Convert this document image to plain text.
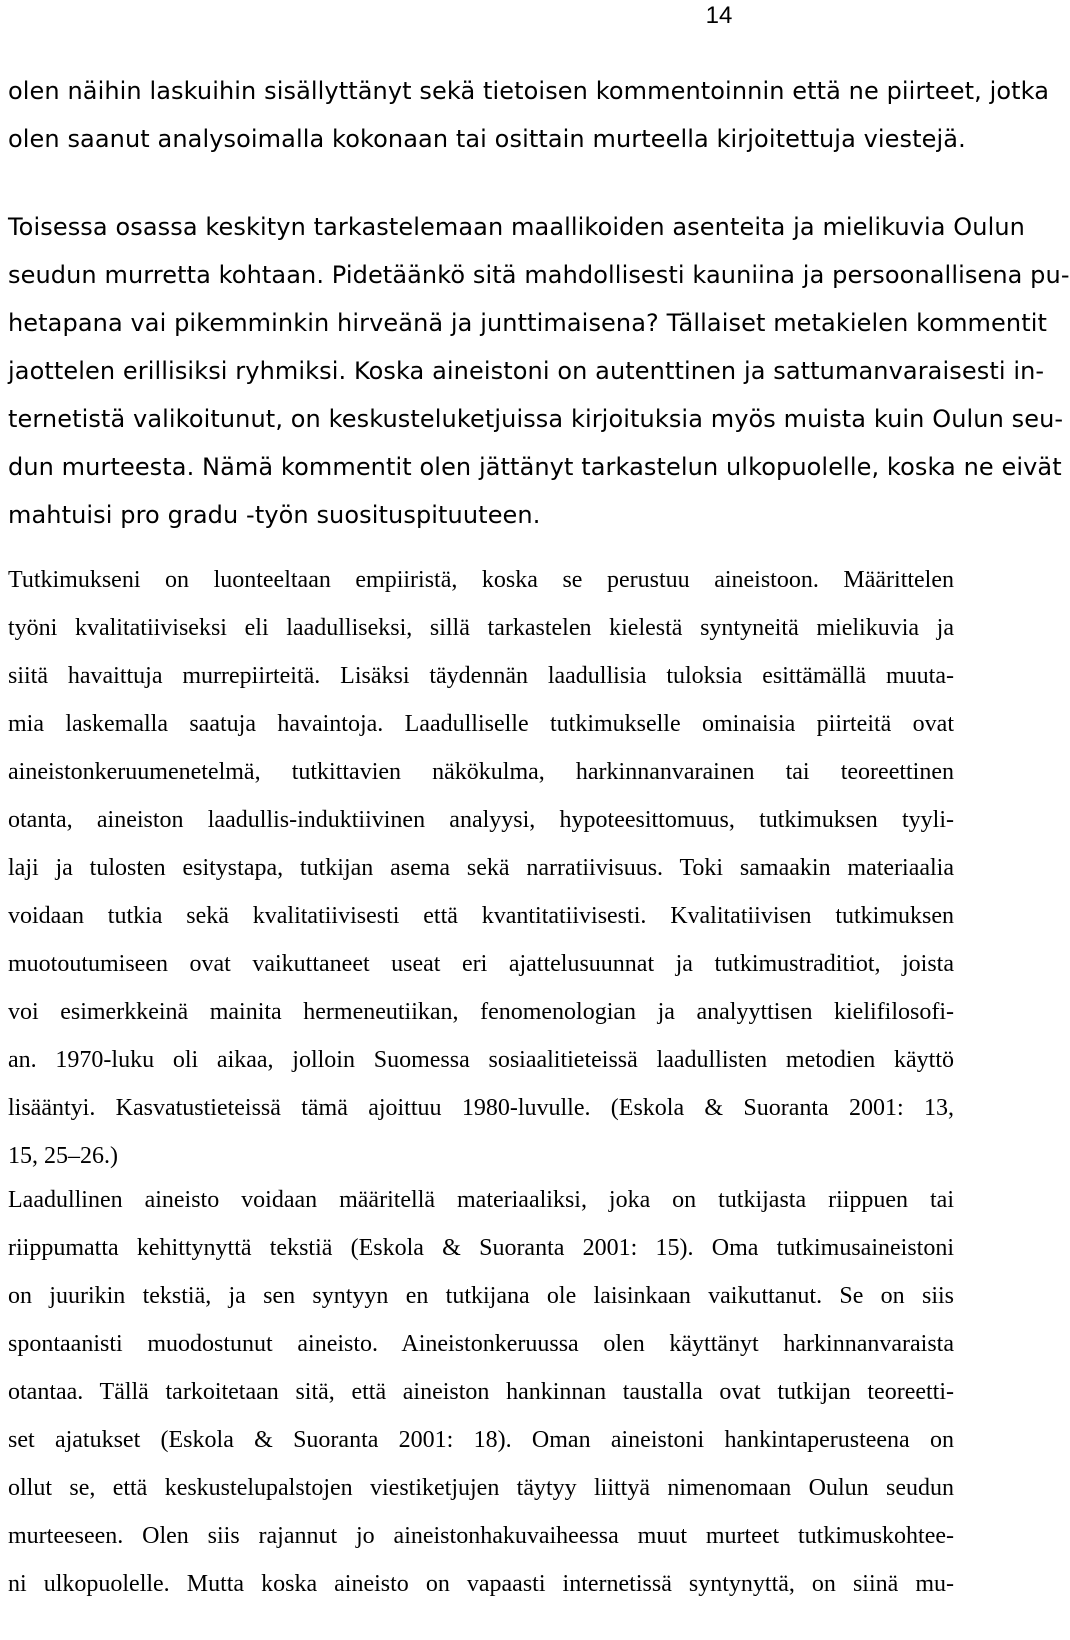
14
olen näihin laskuihin sisällyttänyt sekä tietoisen kommentoinnin että ne piirteet, jotka
olen saanut analysoimalla kokonaan tai osittain murteella kirjoitettuja viestejä.
Toisessa osassa keskityn tarkastelemaan maallikoiden asenteita ja mielikuvia Oulun
seudun murretta kohtaan. Pidetäänkö sitä mahdollisesti kauniina ja persoonallisena pu-
hetapana vai pikemminkin hirveänä ja junttimaisena? Tällaiset metakielen kommentit
jaottelen erillisiksi ryhmiksi. Koska aineistoni on autenttinen ja sattumanvaraisesti in-
ternetistä valikoitunut, on keskusteluketjuissa kirjoituksia myös muista kuin Oulun seu-
dun murteesta. Nämä kommentit olen jättänyt tarkastelun ulkopuolelle, koska ne eivät
mahtuisi pro gradu -työn suosituspituuteen.
Tutkimukseni on luonteeltaan empiiristä, koska se perustuu aineistoon. Määrittelen
työni kvalitatiiviseksi eli laadulliseksi, sillä tarkastelen kielestä syntyneitä mielikuvia ja
siitä havaittuja murrepiirteitä. Lisäksi täydennän laadullisia tuloksia esittämällä muuta-
mia laskemalla saatuja havaintoja. Laadulliselle tutkimukselle ominaisia piirteitä ovat
aineistonkeruumenetelmä, tutkittavien näkökulma, harkinnanvarainen tai teoreettinen
otanta, aineiston laadullis-induktiivinen analyysi, hypoteesittomuus, tutkimuksen tyyli-
laji ja tulosten esitystapa, tutkijan asema sekä narratiivisuus. Toki samaakin materiaalia
voidaan tutkia sekä kvalitatiivisesti että kvantitatiivisesti. Kvalitatiivisen tutkimuksen
muotoutumiseen ovat vaikuttaneet useat eri ajattelusuunnat ja tutkimustraditiot, joista
voi esimerkkeinä mainita hermeneutiikan, fenomenologian ja analyyttisen kielifilosofi-
an. 1970-luku oli aikaa, jolloin Suomessa sosiaalitieteissä laadullisten metodien käyttö
lisääntyi. Kasvatustieteissä tämä ajoittuu 1980-luvulle. (Eskola & Suoranta 2001: 13,
15, 25–26.)
Laadullinen aineisto voidaan määritellä materiaaliksi, joka on tutkijasta riippuen tai
riippumatta kehittynyttä tekstiä (Eskola & Suoranta 2001: 15). Oma tutkimusaineistoni
on juurikin tekstiä, ja sen syntyyn en tutkijana ole laisinkaan vaikuttanut. Se on siis
spontaanisti muodostunut aineisto. Aineistonkeruussa olen käyttänyt harkinnanvaraista
otantaa. Tällä tarkoitetaan sitä, että aineiston hankinnan taustalla ovat tutkijan teoreetti-
set ajatukset (Eskola & Suoranta 2001: 18). Oman aineistoni hankintaperusteena on
ollut se, että keskustelupalstojen viestiketjujen täytyy liittyä nimenomaan Oulun seudun
murteeseen. Olen siis rajannut jo aineistonhakuvaiheessa muut murteet tutkimuskohtee-
ni ulkopuolelle. Mutta koska aineisto on vapaasti internetissä syntynyttä, on siinä mu-
